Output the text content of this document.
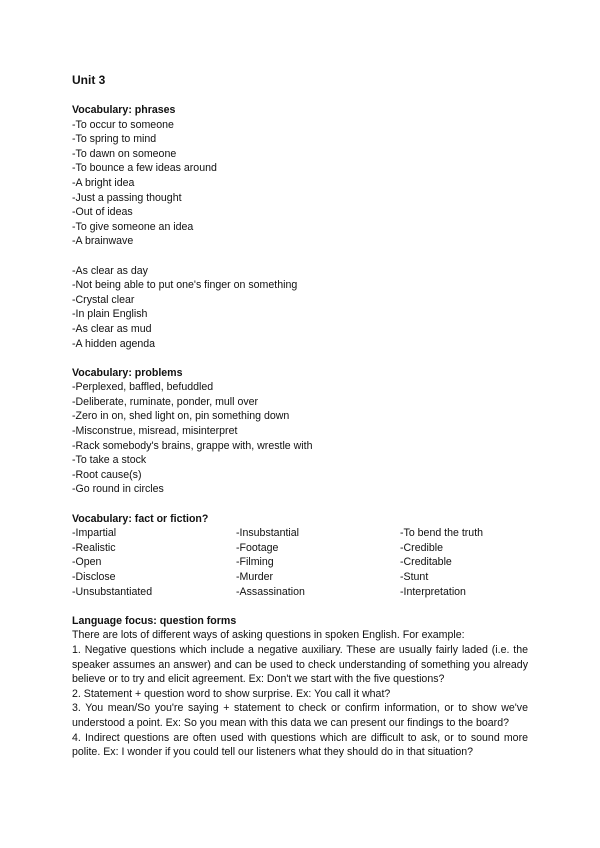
Unit 3
Vocabulary: phrases
-To occur to someone
-To spring to mind
-To dawn on someone
-To bounce a few ideas around
-A bright idea
-Just a passing thought
-Out of ideas
-To give someone an idea
-A brainwave
-As clear as day
-Not being able to put one's finger on something
-Crystal clear
-In plain English
-As clear as mud
-A hidden agenda
Vocabulary: problems
-Perplexed, baffled, befuddled
-Deliberate, ruminate, ponder, mull over
-Zero in on, shed light on, pin something down
-Misconstrue, misread, misinterpret
-Rack somebody's brains, grappe with, wrestle with
-To take a stock
-Root cause(s)
-Go round in circles
Vocabulary: fact or fiction?
-Impartial
-Realistic
-Open
-Disclose
-Unsubstantiated
-Insubstantial
-Footage
-Filming
-Murder
-Assassination
-To bend the truth
-Credible
-Creditable
-Stunt
-Interpretation
Language focus: question forms

There are lots of different ways of asking questions in spoken English. For example:

1. Negative questions which include a negative auxiliary. These are usually fairly laded (i.e. the speaker assumes an answer) and can be used to check understanding of something you already believe or to try and elicit agreement. Ex: Don't we start with the five questions?

2. Statement + question word to show surprise. Ex: You call it what?

3. You mean/So you're saying + statement to check or confirm information, or to show we've understood a point. Ex: So you mean with this data we can present our findings to the board?

4. Indirect questions are often used with questions which are difficult to ask, or to sound more polite. Ex: I wonder if you could tell our listeners what they should do in that situation?
